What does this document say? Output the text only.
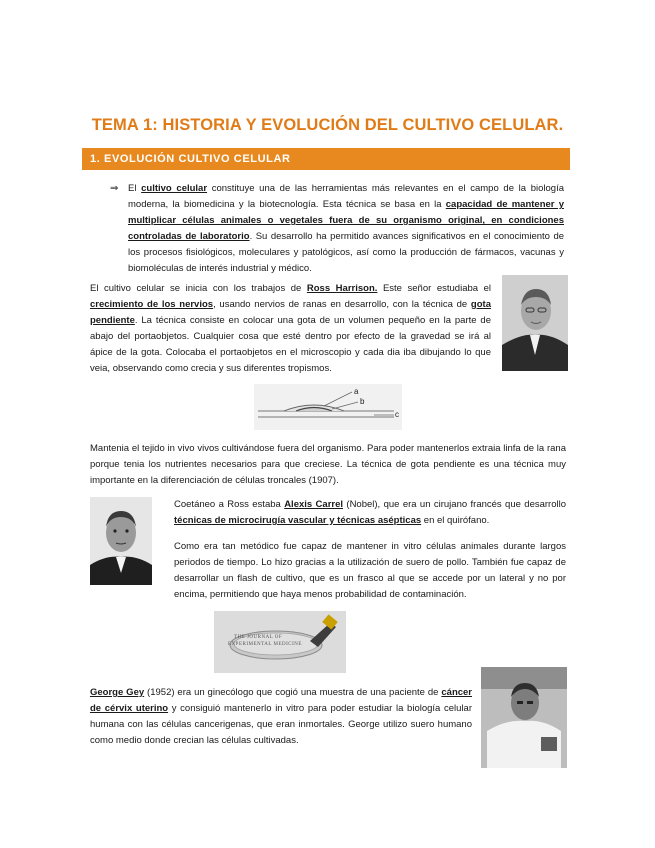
TEMA 1: HISTORIA Y EVOLUCIÓN DEL CULTIVO CELULAR.
1. EVOLUCIÓN CULTIVO CELULAR
⇒ El cultivo celular constituye una de las herramientas más relevantes en el campo de la biología moderna, la biomedicina y la biotecnología. Esta técnica se basa en la capacidad de mantener y multiplicar células animales o vegetales fuera de su organismo original, en condiciones controladas de laboratorio. Su desarrollo ha permitido avances significativos en el conocimiento de los procesos fisiológicos, moleculares y patológicos, así como la producción de fármacos, vacunas y biomoléculas de interés industrial y médico.
El cultivo celular se inicia con los trabajos de Ross Harrison. Este señor estudiaba el crecimiento de los nervios, usando nervios de ranas en desarrollo, con la técnica de gota pendiente. La técnica consiste en colocar una gota de un volumen pequeño en la parte de abajo del portaobjetos. Cualquier cosa que esté dentro por efecto de la gravedad se irá al ápice de la gota. Colocaba el portaobjetos en el microscopio y cada dia iba dibujando lo que veia, observando como crecia y sus diferentes tropismos.
a
b
c
Mantenia el tejido in vivo vivos cultivándose fuera del organismo. Para poder mantenerlos extraia linfa de la rana porque tenia los nutrientes necesarios para que creciese. La técnica de gota pendiente es una técnica muy importante en la diferenciación de células troncales (1907).
Coetáneo a Ross estaba Alexis Carrel (Nobel), que era un cirujano francés que desarrollo técnicas de microcirugía vascular y técnicas asépticas en el quirófano.
Como era tan metódico fue capaz de mantener in vitro células animales durante largos periodos de tiempo. Lo hizo gracias a la utilización de suero de pollo. También fue capaz de desarrollar un flash de cultivo, que es un frasco al que se accede por un lateral y no por encima, permitiendo que haya menos probabilidad de contaminación.
THE JOURNAL OF
EXPERIMENTAL MEDICINE
George Gey (1952) era un ginecólogo que cogió una muestra de una paciente de cáncer de cérvix uterino y consiguió mantenerlo in vitro para poder estudiar la biología celular humana con las células cancerigenas, que eran inmortales. George utilizo suero humano como medio donde crecian las células cultivadas.
